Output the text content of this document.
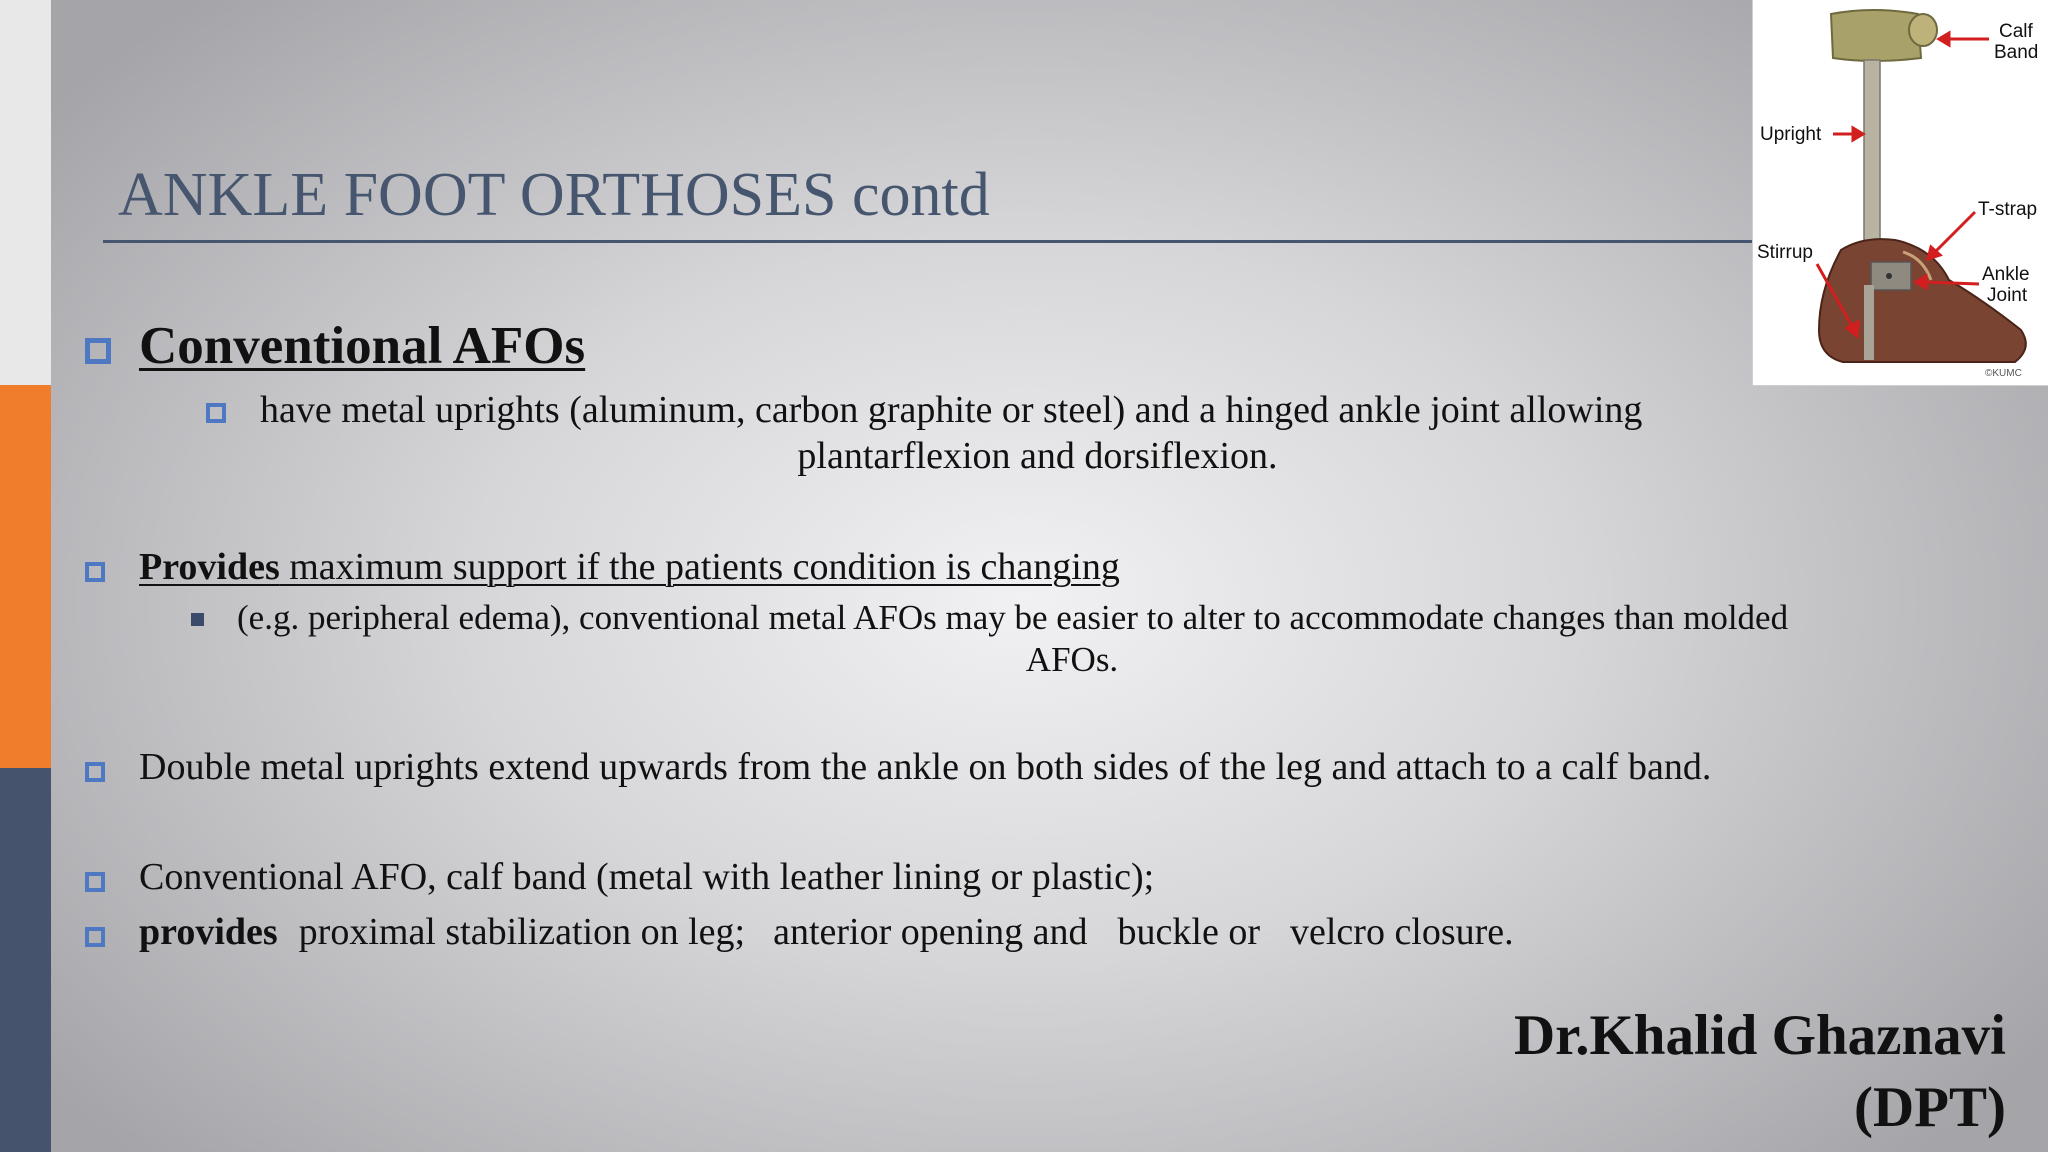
ANKLE FOOT ORTHOSES contd
Conventional AFOs
have metal uprights (aluminum, carbon graphite or steel) and a hinged ankle joint allowing
plantarflexion and dorsiflexion.
Provides maximum support if the patients condition is changing
(e.g. peripheral edema), conventional metal AFOs may be easier to alter to accommodate changes than molded
AFOs.
Double metal uprights extend upwards from the ankle on both sides of the leg and attach to a calf band.
Conventional AFO, calf band (metal with leather lining or plastic);
provides proximal stabilization on leg; anterior opening and buckle or velcro closure.
Dr.Khalid Ghaznavi
(DPT)
Calf
Band
Upright
T-strap
Stirrup
Ankle
Joint
©KUMC
